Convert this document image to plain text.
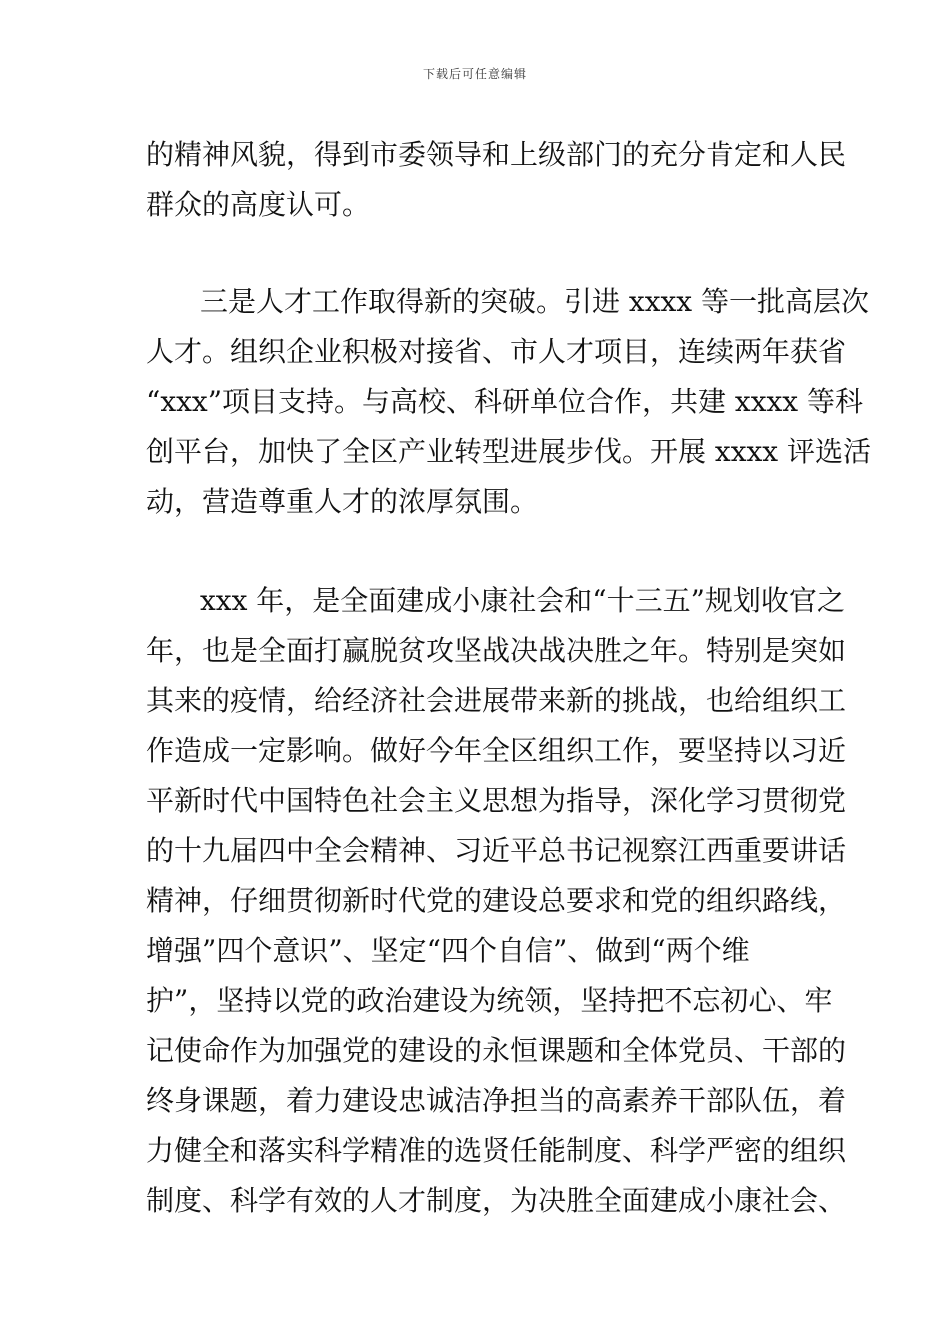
下载后可任意编辑

的精神风貌，得到市委领导和上级部门的充分肯定和人民
群众的高度认可。

三是人才工作取得新的突破。引进 xxxx 等一批高层次
人才。组织企业积极对接省、市人才项目，连续两年获省
“xxx”项目支持。与高校、科研单位合作，共建 xxxx 等科
创平台，加快了全区产业转型进展步伐。开展 xxxx 评选活
动，营造尊重人才的浓厚氛围。

xxx 年，是全面建成小康社会和“十三五”规划收官之
年，也是全面打赢脱贫攻坚战决战决胜之年。特别是突如
其来的疫情，给经济社会进展带来新的挑战，也给组织工
作造成一定影响。做好今年全区组织工作，要坚持以习近
平新时代中国特色社会主义思想为指导，深化学习贯彻党
的十九届四中全会精神、习近平总书记视察江西重要讲话
精神，仔细贯彻新时代党的建设总要求和党的组织路线，
增强”四个意识”、坚定“四个自信”、做到“两个维
护”，坚持以党的政治建设为统领，坚持把不忘初心、牢
记使命作为加强党的建设的永恒课题和全体党员、干部的
终身课题，着力建设忠诚洁净担当的高素养干部队伍，着
力健全和落实科学精准的选贤任能制度、科学严密的组织
制度、科学有效的人才制度，为决胜全面建成小康社会、
